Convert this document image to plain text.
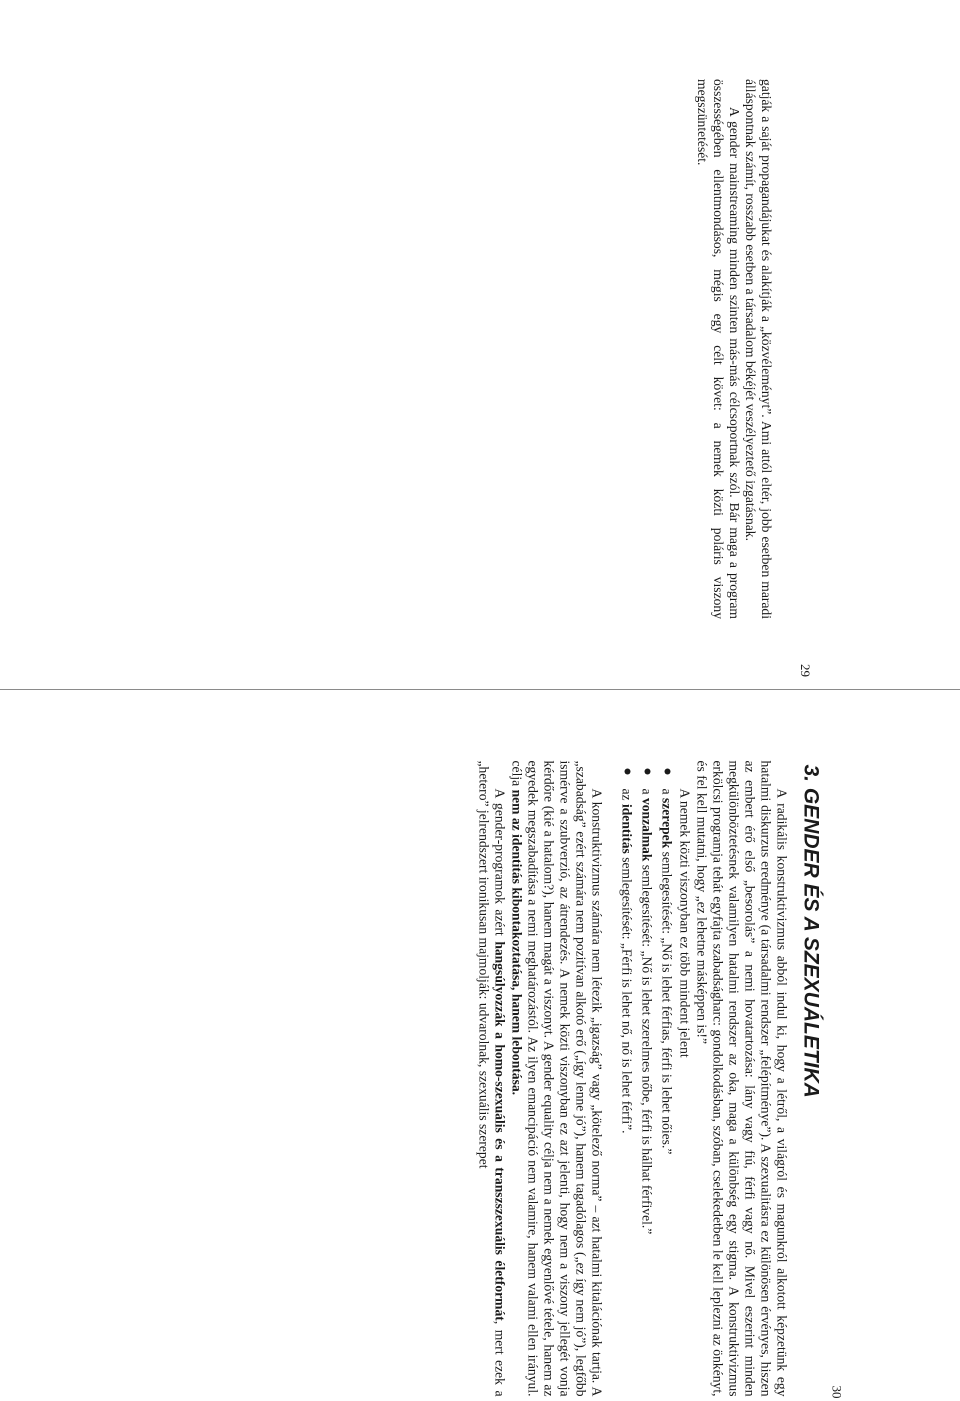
29

gatják a saját propagandájukat és alakítják a „közvéleményt”. Ami attól eltér, jobb esetben maradi álláspontnak számít, rosszabb esetben a társadalom békéjét veszélyeztető izgatásnak.

A gender mainstreaming minden szinten más-más célcsoportnak szól. Bár maga a program összességében ellentmondásos, mégis egy célt követ: a nemek közti poláris viszony megszüntetését.

30
3. GENDER ÉS A SZEXUÁLETIKA

A radikális konstruktivizmus abból indul ki, hogy a létről, a világról és magunkról alkotott képzetünk egy hatalmi diskurzus eredménye (a társadalmi rendszer „felépítménye”). A szexualitásra ez különösen érvényes, hiszen az embert érő első „besorolás” a nemi hovatartozása: lány vagy fiú, férfi vagy nő. Mivel eszerint minden megkülönböztetésnek valamilyen hatalmi rendszer az oka, maga a különbség egy stigma. A konstruktivizmus erkölcsi programja tehát egyfajta szabadságharc: gondolkodásban, szóban, cselekedetben le kell leplezni az önkényt, és fel kell mutatni, hogy „ez lehetne másképpen is!”

A nemek közti viszonyban ez több mindent jelent

a szerepek semlegesítését: „Nő is lehet férfias, férfi is lehet nőies.”
a vonzalmak semlegesítését: „Nő is lehet szerelmes nőbe, férfi is hálhat férfivel.”
az identitás semlegesítését: „Férfi is lehet nő, nő is lehet férfi”.

A konstruktivizmus számára nem létezik „igazság” vagy „kötelező norma” – azt hatalmi kitalációnak tartja. A „szabadság” ezért számára nem pozitívan alkotó erő („így lenne jó”), hanem tagadólagos („ez így nem jó”), legfőbb ismérve a szubverzió, az átrendezés. A nemek közti viszonyban ez azt jelenti, hogy nem a viszony jellegét vonja kérdőre (kié a hatalom?), hanem magát a viszonyt. A gender equality célja nem a nemek egyenlővé tétele, hanem az egyedek megszabadítása a nemi meghatározástól. Az ilyen emancipáció nem valamire, hanem valami ellen irányul. célja nem az identitás kibontakoztatása, hanem lebontása.

A gender-programok azért hangsúlyozzák a homo-szexuális és a transzszexuális életformát, mert ezek a „hetero” jelrendszert ironikusan majmolják: udvarolnak, szexuális szerepet
